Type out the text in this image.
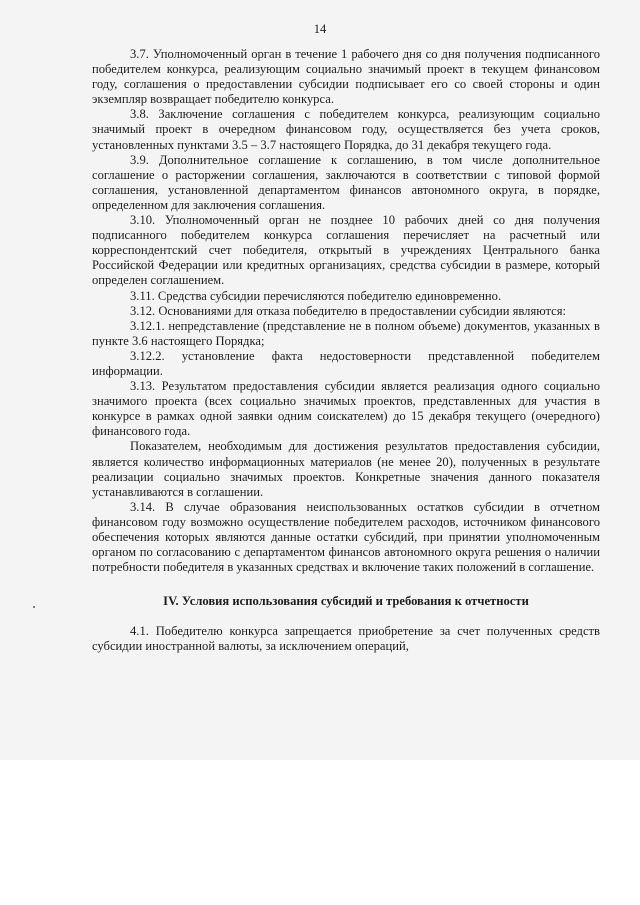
14

3.7. Уполномоченный орган в течение 1 рабочего дня со дня получения подписанного победителем конкурса, реализующим социально значимый проект в текущем финансовом году, соглашения о предоставлении субсидии подписывает его со своей стороны и один экземпляр возвращает победителю конкурса.

3.8. Заключение соглашения с победителем конкурса, реализующим социально значимый проект в очередном финансовом году, осуществляется без учета сроков, установленных пунктами 3.5 – 3.7 настоящего Порядка, до 31 декабря текущего года.

3.9. Дополнительное соглашение к соглашению, в том числе дополнительное соглашение о расторжении соглашения, заключаются в соответствии с типовой формой соглашения, установленной департаментом финансов автономного округа, в порядке, определенном для заключения соглашения.

3.10. Уполномоченный орган не позднее 10 рабочих дней со дня получения подписанного победителем конкурса соглашения перечисляет на расчетный или корреспондентский счет победителя, открытый в учреждениях Центрального банка Российской Федерации или кредитных организациях, средства субсидии в размере, который определен соглашением.

3.11. Средства субсидии перечисляются победителю единовременно.

3.12. Основаниями для отказа победителю в предоставлении субсидии являются:

3.12.1. непредставление (представление не в полном объеме) документов, указанных в пункте 3.6 настоящего Порядка;

3.12.2. установление факта недостоверности представленной победителем информации.

3.13. Результатом предоставления субсидии является реализация одного социально значимого проекта (всех социально значимых проектов, представленных для участия в конкурсе в рамках одной заявки одним соискателем) до 15 декабря текущего (очередного) финансового года.

Показателем, необходимым для достижения результатов предоставления субсидии, является количество информационных материалов (не менее 20), полученных в результате реализации социально значимых проектов. Конкретные значения данного показателя устанавливаются в соглашении.

3.14. В случае образования неиспользованных остатков субсидии в отчетном финансовом году возможно осуществление победителем расходов, источником финансового обеспечения которых являются данные остатки субсидий, при принятии уполномоченным органом по согласованию с департаментом финансов автономного округа решения о наличии потребности победителя в указанных средствах и включение таких положений в соглашение.

IV. Условия использования субсидий и требования к отчетности

4.1. Победителю конкурса запрещается приобретение за счет полученных средств субсидии иностранной валюты, за исключением операций,
